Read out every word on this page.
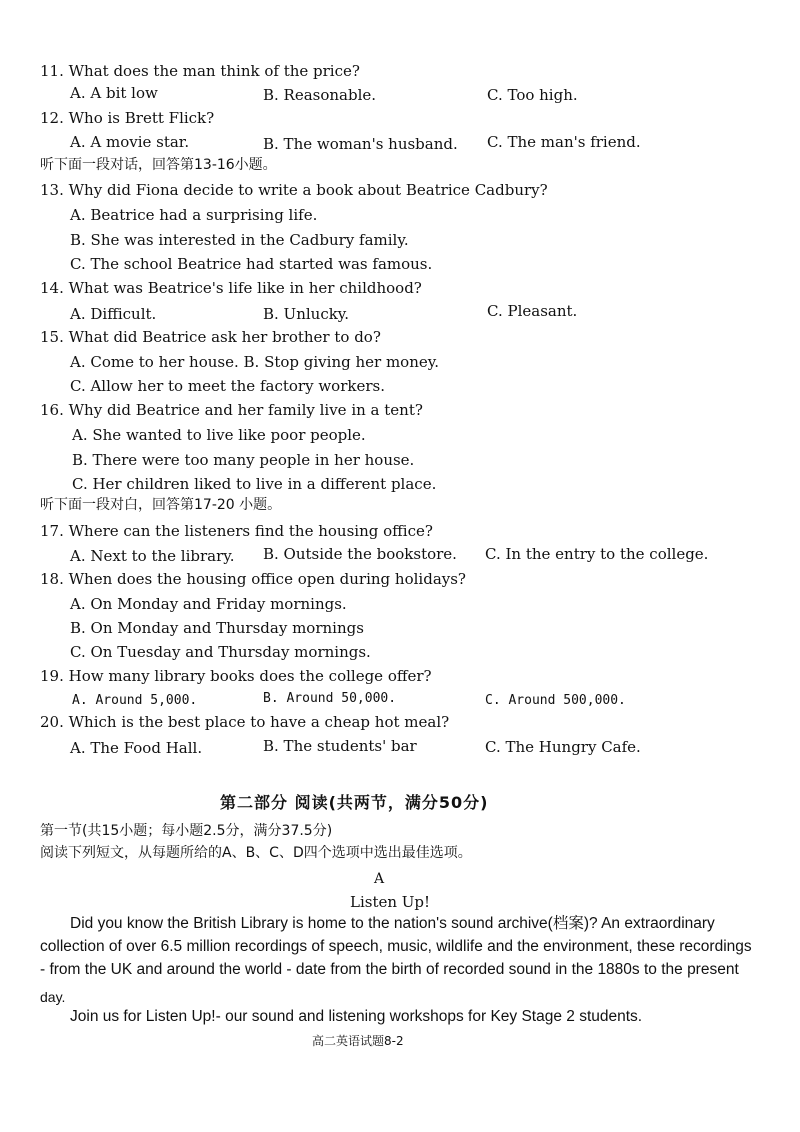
11. What does the man think of the price?
A. A bit low	B. Reasonable.	C. Too high.
12. Who is Brett Flick?
A. A movie star.	B. The woman's husband. C. The man's friend.
听下面一段对话，回答第13-16小题。
13. Why did Fiona decide to write a book about Beatrice Cadbury?
A. Beatrice had a surprising life.
B. She was interested in the Cadbury family.
C. The school Beatrice had started was famous.
14. What was Beatrice's life like in her childhood?
A. Difficult.	B. Unlucky.	C. Pleasant.
15. What did Beatrice ask her brother to do?
A. Come to her house. B. Stop giving her money.
C. Allow her to meet the factory workers.
16. Why did Beatrice and her family live in a tent?
A. She wanted to live like poor people.
B. There were too many people in her house.
C. Her children liked to live in a different place.
听下面一段对白，回答第17-20 小题。
17. Where can the listeners find the housing office?
A. Next to the library. B. Outside the bookstore. C. In the entry to the college.
18. When does the housing office open during holidays?
A. On Monday and Friday mornings.
B. On Monday and Thursday mornings
C. On Tuesday and Thursday mornings.
19. How many library books does the college offer?
A. Around 5,000.	B. Around 50,000.	C. Around 500,000.
20. Which is the best place to have a cheap hot meal?
A. The Food Hall.	B. The students' bar	C. The Hungry Cafe.
第二部分 阅读(共两节，满分50分)
第一节(共15小题；每小题2.5分，满分37.5分)
阅读下列短文，从每题所给的A、B、C、D四个选项中选出最佳选项。
A
Listen Up!
Did you know the British Library is home to the nation's sound archive(档案)? An extraordinary
collection of over 6.5 million recordings of speech, music, wildlife and the environment, these recordings
- from the UK and around the world - date from the birth of recorded sound in the 1880s to the present
day.
Join us for Listen Up!- our sound and listening workshops for Key Stage 2 students.
高二英语试题8-2
